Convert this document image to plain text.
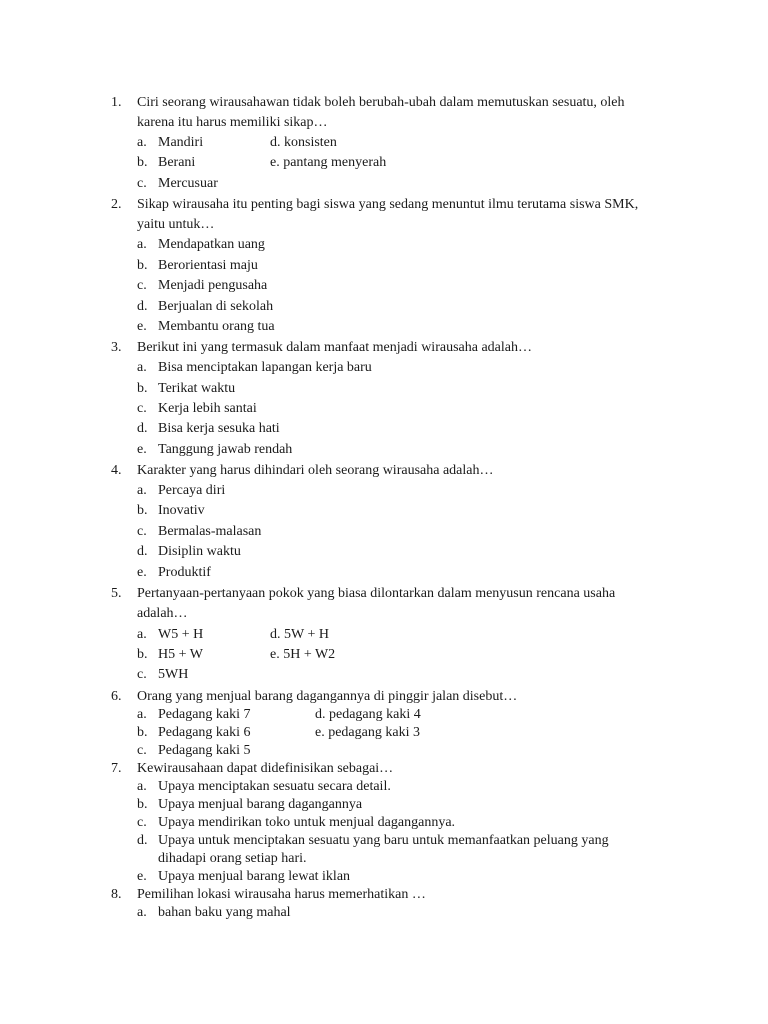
1. Ciri seorang wirausahawan tidak boleh berubah-ubah dalam memutuskan sesuatu, oleh
karena itu harus memiliki sikap…
a. Mandiri	d. konsisten
b. Berani	e. pantang menyerah
c. Mercusuar
2. Sikap wirausaha itu penting bagi siswa yang sedang menuntut ilmu terutama siswa SMK,
yaitu untuk…
a. Mendapatkan uang
b. Berorientasi maju
c. Menjadi pengusaha
d. Berjualan di sekolah
e. Membantu orang tua
3. Berikut ini yang termasuk dalam manfaat menjadi wirausaha adalah…
a. Bisa menciptakan lapangan kerja baru
b. Terikat waktu
c. Kerja lebih santai
d. Bisa kerja sesuka hati
e. Tanggung jawab rendah
4. Karakter yang harus dihindari oleh seorang wirausaha adalah…
a. Percaya diri
b. Inovativ
c. Bermalas-malasan
d. Disiplin waktu
e. Produktif
5. Pertanyaan-pertanyaan pokok yang biasa dilontarkan dalam menyusun rencana usaha
adalah…
a. W5 + H	d. 5W + H
b. H5 + W	e. 5H + W2
c. 5WH
6. Orang yang menjual barang dagangannya di pinggir jalan disebut…
a. Pedagang kaki 7	d. pedagang kaki 4
b. Pedagang kaki 6	e. pedagang kaki 3
c. Pedagang kaki 5
7. Kewirausahaan dapat didefinisikan sebagai…
a. Upaya menciptakan sesuatu secara detail.
b. Upaya menjual barang dagangannya
c. Upaya mendirikan toko untuk menjual dagangannya.
d. Upaya untuk menciptakan sesuatu yang baru untuk memanfaatkan peluang yang
dihadapi orang setiap hari.
e. Upaya menjual barang lewat iklan
8. Pemilihan lokasi wirausaha harus memerhatikan …
a. bahan baku yang mahal
